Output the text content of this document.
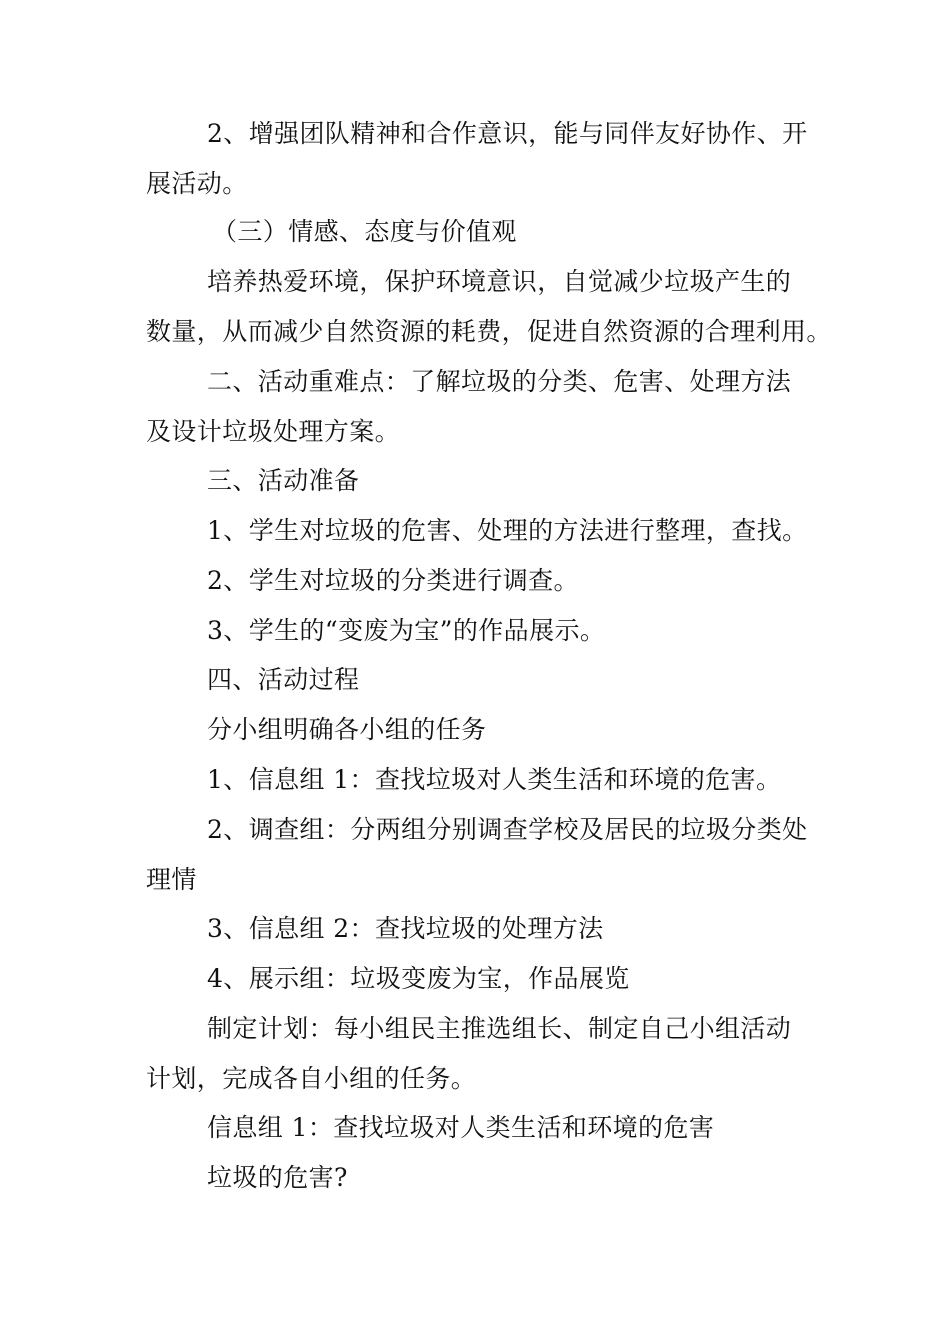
2、增强团队精神和合作意识，能与同伴友好协作、开
展活动。
（三）情感、态度与价值观
培养热爱环境，保护环境意识，自觉减少垃圾产生的
数量，从而减少自然资源的耗费，促进自然资源的合理利用。
二、活动重难点：了解垃圾的分类、危害、处理方法
及设计垃圾处理方案。
三、活动准备
1、学生对垃圾的危害、处理的方法进行整理，查找。
2、学生对垃圾的分类进行调查。
3、学生的“变废为宝”的作品展示。
四、活动过程
分小组明确各小组的任务
1、信息组 1：查找垃圾对人类生活和环境的危害。
2、调查组：分两组分别调查学校及居民的垃圾分类处
理情
3、信息组 2：查找垃圾的处理方法
4、展示组：垃圾变废为宝，作品展览
制定计划：每小组民主推选组长、制定自己小组活动
计划，完成各自小组的任务。
信息组 1：查找垃圾对人类生活和环境的危害
垃圾的危害?
